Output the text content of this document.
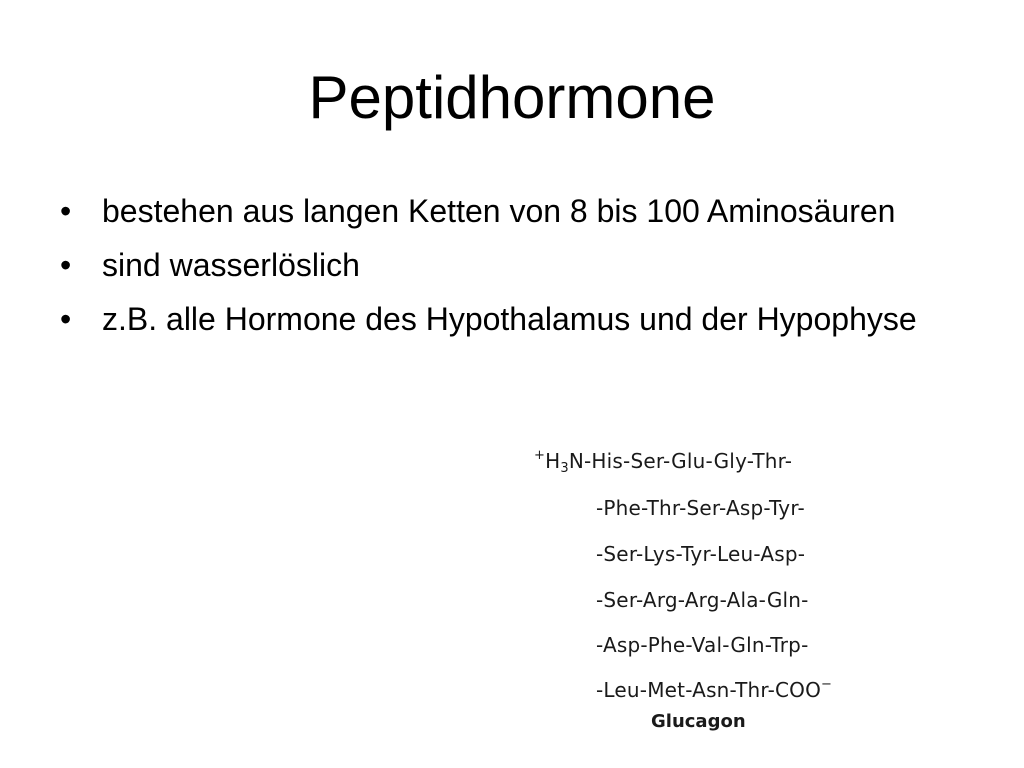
Peptidhormone
• bestehen aus langen Ketten von 8 bis 100 Aminosäuren
• sind wasserlöslich
• z.B. alle Hormone des Hypothalamus und der Hypophyse
$^+H_3N-His-Ser-Glu-Gly-Thr-$
-Phe-Thr-Ser-Asp-Tyr-
-Ser-Lys-Tyr-Leu-Asp-
-Ser-Arg-Arg-Ala-Gln-
-Asp-Phe-Val-Gln-Trp-
-Leu-Met-Asn-Thr-COO−
Glucagon
